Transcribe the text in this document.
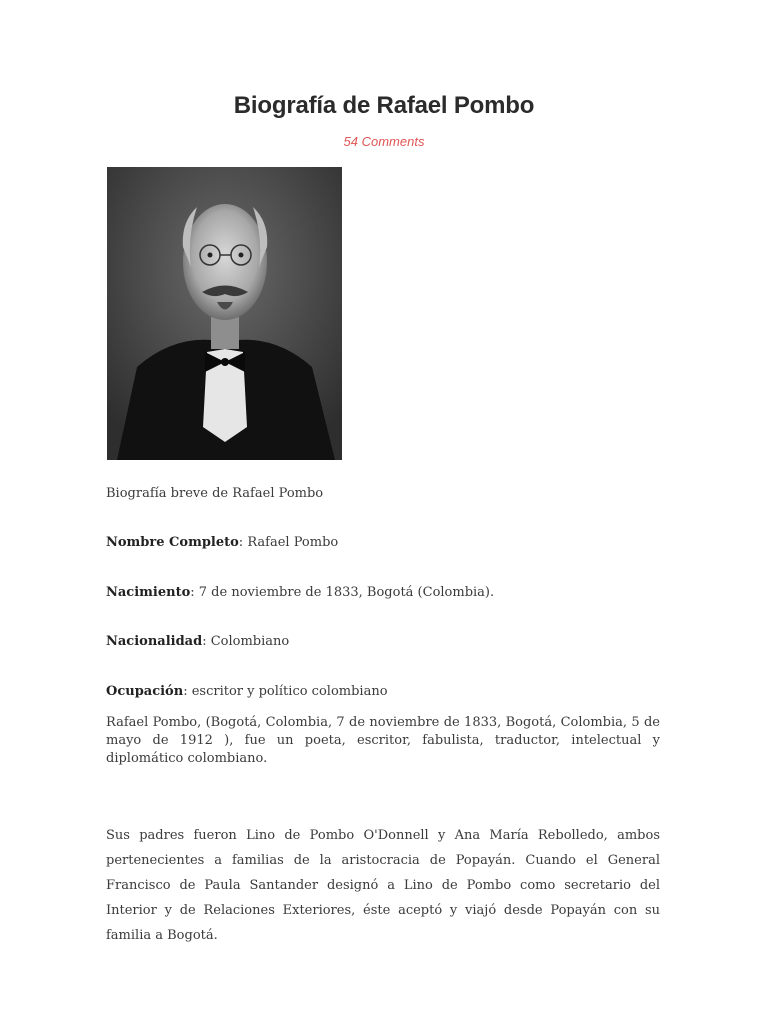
Biografía de Rafael Pombo
54 Comments

Biografía breve de Rafael Pombo

Nombre Completo: Rafael Pombo

Nacimiento: 7 de noviembre de 1833, Bogotá (Colombia).

Nacionalidad: Colombiano

Ocupación: escritor y político colombiano

Rafael Pombo, (Bogotá, Colombia, 7 de noviembre de 1833, Bogotá, Colombia, 5 de mayo de 1912 ), fue un poeta, escritor, fabulista, traductor, intelectual y diplomático colombiano.

Sus padres fueron Lino de Pombo O'Donnell y Ana María Rebolledo, ambos pertenecientes a familias de la aristocracia de Popayán. Cuando el General Francisco de Paula Santander designó a Lino de Pombo como secretario del Interior y de Relaciones Exteriores, éste aceptó y viajó desde Popayán con su familia a Bogotá.
